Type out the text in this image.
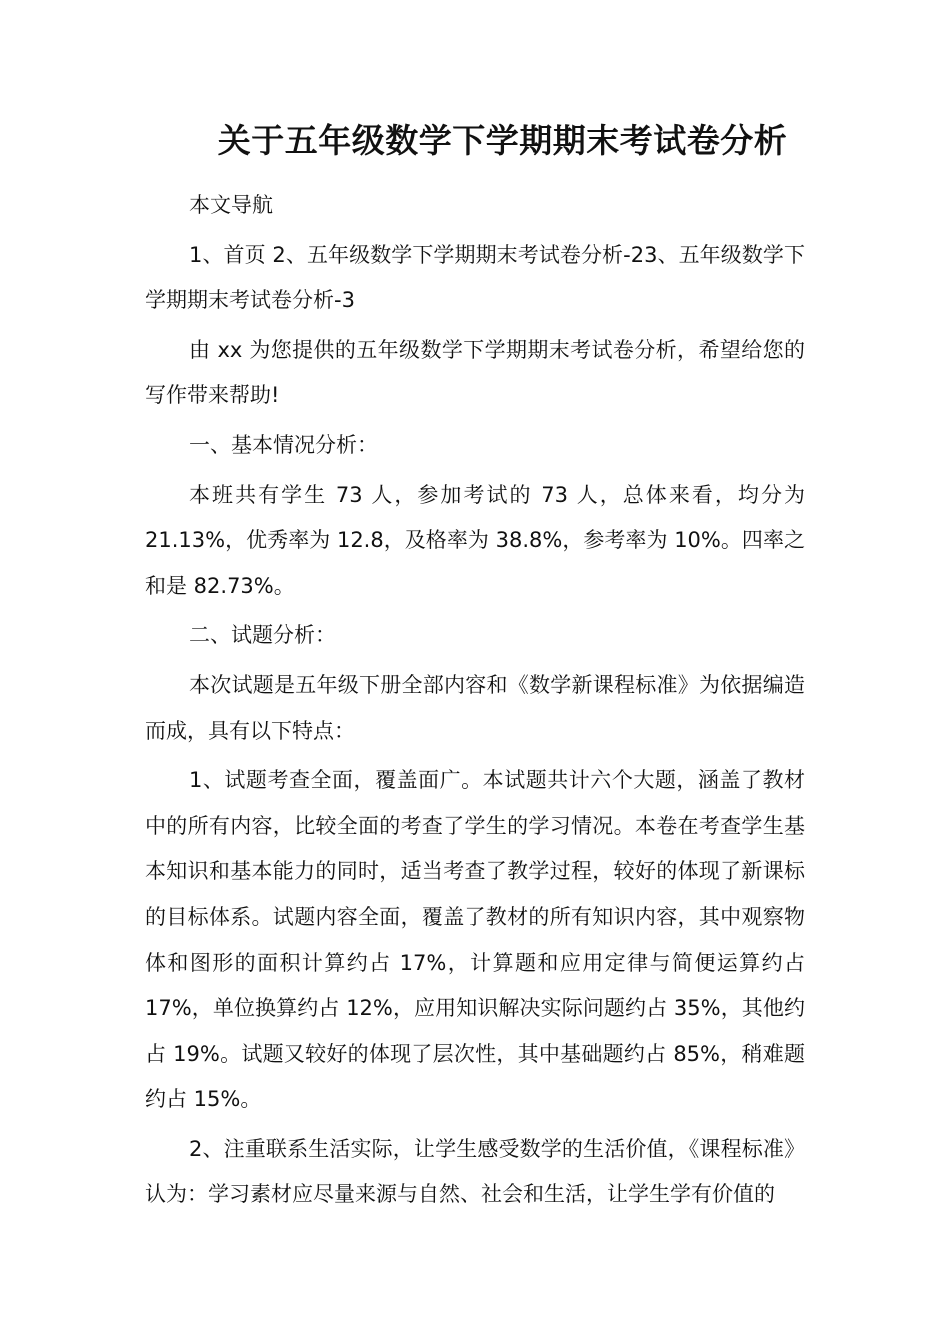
关于五年级数学下学期期末考试卷分析

本文导航

1、首页 2、五年级数学下学期期末考试卷分析-23、五年级数学下学期期末考试卷分析-3

由 xx 为您提供的五年级数学下学期期末考试卷分析，希望给您的写作带来帮助!

一、基本情况分析：

本班共有学生 73 人，参加考试的 73 人，总体来看，均分为 21.13%，优秀率为 12.8，及格率为 38.8%，参考率为 10%。四率之和是 82.73%。

二、试题分析：

本次试题是五年级下册全部内容和《数学新课程标准》为依据编造而成，具有以下特点：

1、试题考查全面，覆盖面广。本试题共计六个大题，涵盖了教材中的所有内容，比较全面的考查了学生的学习情况。本卷在考查学生基本知识和基本能力的同时，适当考查了教学过程，较好的体现了新课标的目标体系。试题内容全面，覆盖了教材的所有知识内容，其中观察物体和图形的面积计算约占 17%，计算题和应用定律与简便运算约占 17%，单位换算约占 12%，应用知识解决实际问题约占 35%，其他约占 19%。试题又较好的体现了层次性，其中基础题约占 85%，稍难题约占 15%。

2、注重联系生活实际，让学生感受数学的生活价值，《课程标准》认为：学习素材应尽量来源与自然、社会和生活，让学生学有价值的
